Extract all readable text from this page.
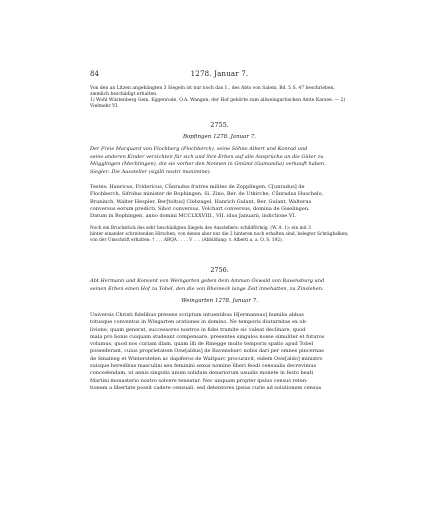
84	1278. Januar 7.
Von den an Litzen angehängten 3 Siegeln ist nur noch das 1., des Abts von Salem, Bd. 5 S. 47 beschrieben, ziemlich beschädigt erhalten.
1) Wohl Wüstenberg Gem. Eggenrode, O.A. Wangen; der Hof gehörte zum allweingartischen Amte Karsee. — 2) Vielmehr VI.
2755.
Bopfingen 1278. Januar 7.
Der Freie Marquard von Flochberg (Flochberch), seine Söhne Albert und Konrad und
seine anderen Kinder verzichten für sich und ihre Erben auf alle Ansprüche an die Güter zu
Mögglingen (Mechlingen), die sie vorher den Nonnen in Gmünd (Gamundia) verkauft haben.
Siegler: Die Aussteller (sigilli nostri munimine).
Testes: Hanricus, Fridericus, Cůnradus fratres milites de Zopplingen, C[unradus] de
Flochberch, Sifridus minister de Bophingen, Si. Zino, Ber. de Utkirche, Cůnradus Huschelo,
Bruninch, Walter Hespler, Ber[toltus] Clebzagel, Hanrich Gulant, Ber. Gulant, Walterus
conversus eorum predicti, Sibot conversus, Volchart conversus, domina de Giselingen.
Datum in Bophingen, anno domini MCCLXXVIII., VII. idus Januarii, indictione VI.
Noch ein Bruchstück des sehr beschädigten Siegels des Ausstellers: schildförmig. (W. A. 1); ein mit 3
hinter einander schreitenden Hirschen, von denen aber nur die 2 hinteren noch erhalten sind, belegter Schrägbalken;
von der Umschrift erhalten: † . . . ARQA . . . . V . . . (Abbildung: v. Alberti a. a. O. S. 192).
2756.
Abt Hermann und Konvent von Weingarten geben dem Amman Oswald von Ravensburg und
seinen Erben einen Hof zu Tobel, den die von Rheineck lange Zeit innehatten, zu Zinslehen.
Weingarten 1278. Januar 7.
Universis Christi fidelibus presens scriptum intuentibus H[ermannus] humilis abbas
totusque conventus in Wingarten orationes in domino. Ne temporis diuturnitas ex ob-
livione, quam generat, successores nostros in fidei tramite sic valeat declinare, quod
mala pro bonis cuiquam studeant compensare, presentes singulos nosse simuliter et futuros
volumus, quod nos curiam illam, quam illi de Rinegge multo temporis spatio apud Tobel
possederant, cuius proprietatem Osw[aldus] de Ravensburc nobis dari per omnes pincernas
de Smalneg et Wintersteten ac dapiferos de Waltpurc procuravit, eidem Osw[aldo] ministro
suisque heredibus masculini seu feminini sexus nomine liberi feodi censualis decrevimus
concedendam, ut annis singulis unum solidum denariorum usualis monete in festo beati
Martini monasterio nostro solvere teneatur. Nec unquam propter ipsius census reten-
tionem a libertate possit cadere censuali, sed detentores ipsius curie ad solutionem census
